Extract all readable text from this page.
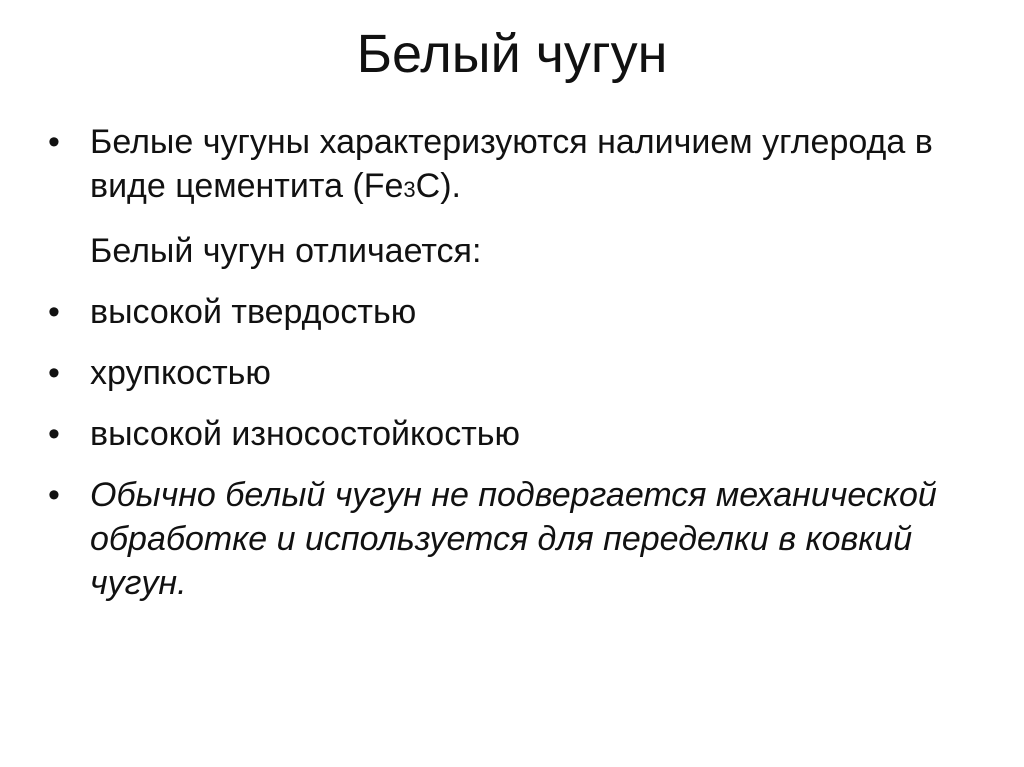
Белый чугун
• Белые чугуны характеризуются наличием углерода в виде цементита (Fe3C).
Белый чугун отличается:
• высокой твердостью
• хрупкостью
• высокой износостойкостью
• Обычно белый чугун не подвергается механической обработке и используется для переделки в ковкий чугун.
